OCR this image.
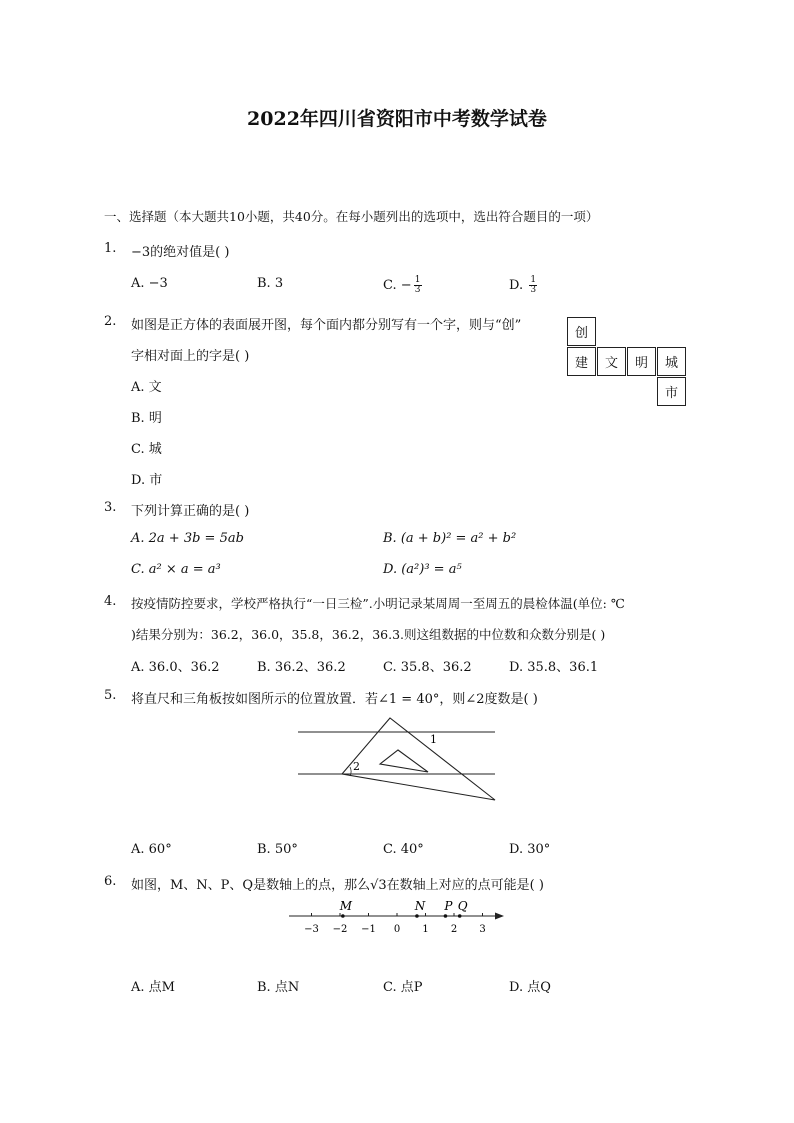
2022年四川省资阳市中考数学试卷
一、选择题（本大题共10小题，共40分。在每小题列出的选项中，选出符合题目的一项）
1. −3的绝对值是( )
A. −3	B. 3	C. − $\frac{1}{3}$	D. $\frac{1}{3}$
2. 如图是正方体的表面展开图，每个面内都分别写有一个字，则与“创”
字相对面上的字是( )
A. 文
B. 明
C. 城
D. 市
创
建	文	明	城
市
3. 下列计算正确的是( )
A. 2a + 3b = 5ab	B. (a + b)² = a² + b²
C. a² × a = a³	D. (a²)³ = a⁵
4. 按疫情防控要求，学校严格执行“一日三检”.小明记录某周周一至周五的晨检体温(单位: ℃
)结果分别为：36.2，36.0，35.8，36.2，36.3.则这组数据的中位数和众数分别是( )
A. 36.0、36.2	B. 36.2、36.2	C. 35.8、36.2	D. 35.8、36.1
5. 将直尺和三角板按如图所示的位置放置．若∠1 = 40°，则∠2度数是( )
1
2
A. 60°	B. 50°	C. 40°	D. 30°
6. 如图，M、N、P、Q是数轴上的点，那么√3在数轴上对应的点可能是( )
−3 −2 −1 0 1 2 3
M	N P Q
A. 点M	B. 点N	C. 点P	D. 点Q
